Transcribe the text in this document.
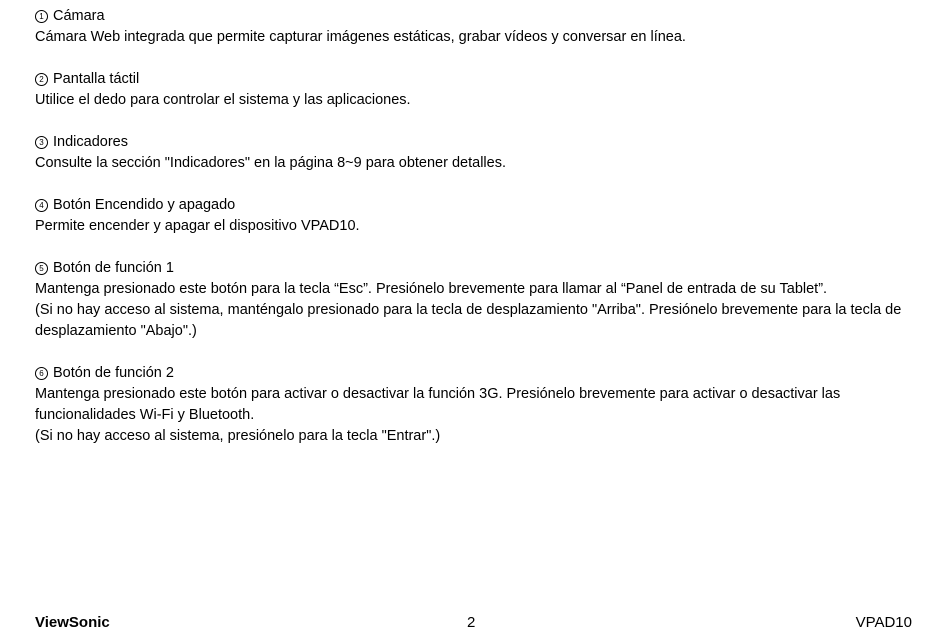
1 Cámara
Cámara Web integrada que permite capturar imágenes estáticas, grabar vídeos y conversar en línea.
2 Pantalla táctil
Utilice el dedo para controlar el sistema y las aplicaciones.
3 Indicadores
Consulte la sección "Indicadores" en la página 8~9 para obtener detalles.
4 Botón Encendido y apagado
Permite encender y apagar el dispositivo VPAD10.
5 Botón de función 1
Mantenga presionado este botón para la tecla “Esc”. Presiónelo brevemente para llamar al “Panel de entrada de su Tablet”.
(Si no hay acceso al sistema, manténgalo presionado para la tecla de desplazamiento "Arriba". Presiónelo brevemente para la tecla de desplazamiento "Abajo".)
6 Botón de función 2
Mantenga presionado este botón para activar o desactivar la función 3G. Presiónelo brevemente para activar o desactivar las funcionalidades Wi-Fi y Bluetooth.
(Si no hay acceso al sistema, presiónelo para la tecla "Entrar".)
ViewSonic	2	VPAD10
